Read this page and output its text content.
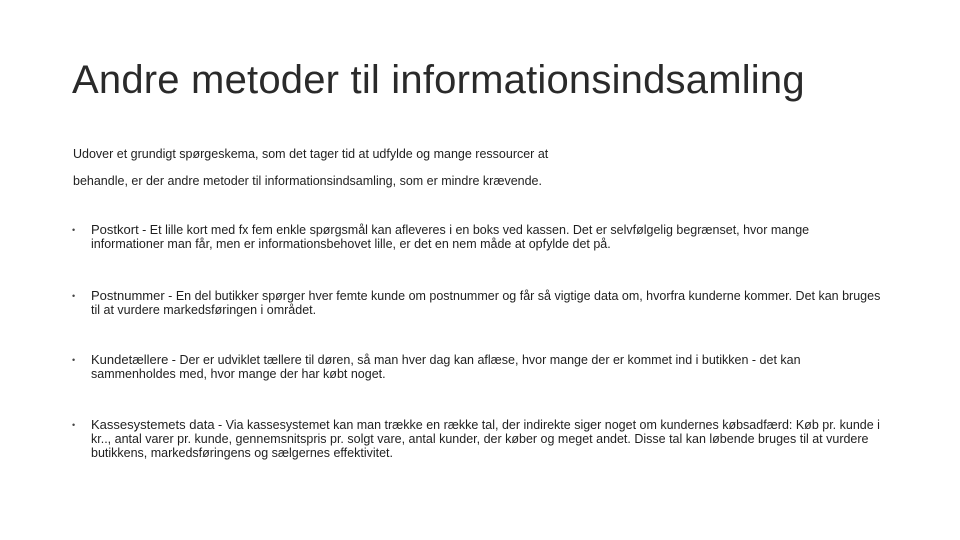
Andre metoder til informationsindsamling

Udover et grundigt spørgeskema, som det tager tid at udfylde og mange ressourcer at

behandle, er der andre metoder til informationsindsamling, som er mindre krævende.

•	Postkort - Et lille kort med fx fem enkle spørgsmål kan afleveres i en boks ved kassen. Det er selvfølgelig begrænset, hvor mange informationer man får, men er informationsbehovet lille, er det en nem måde at opfylde det på.
•	Postnummer - En del butikker spørger hver femte kunde om postnummer og får så vigtige data om, hvorfra kunderne kommer. Det kan bruges til at vurdere markedsføringen i området.
•	Kundetællere - Der er udviklet tællere til døren, så man hver dag kan aflæse, hvor mange der er kommet ind i butikken - det kan sammenholdes med, hvor mange der har købt noget.
•	Kassesystemets data - Via kassesystemet kan man trække en række tal, der indirekte siger noget om kundernes købsadfærd: Køb pr. kunde i kr.., antal varer pr. kunde, gennemsnitspris pr. solgt vare, antal kunder, der køber og meget andet. Disse tal kan løbende bruges til at vurdere butikkens, markedsføringens og sælgernes effektivitet.
